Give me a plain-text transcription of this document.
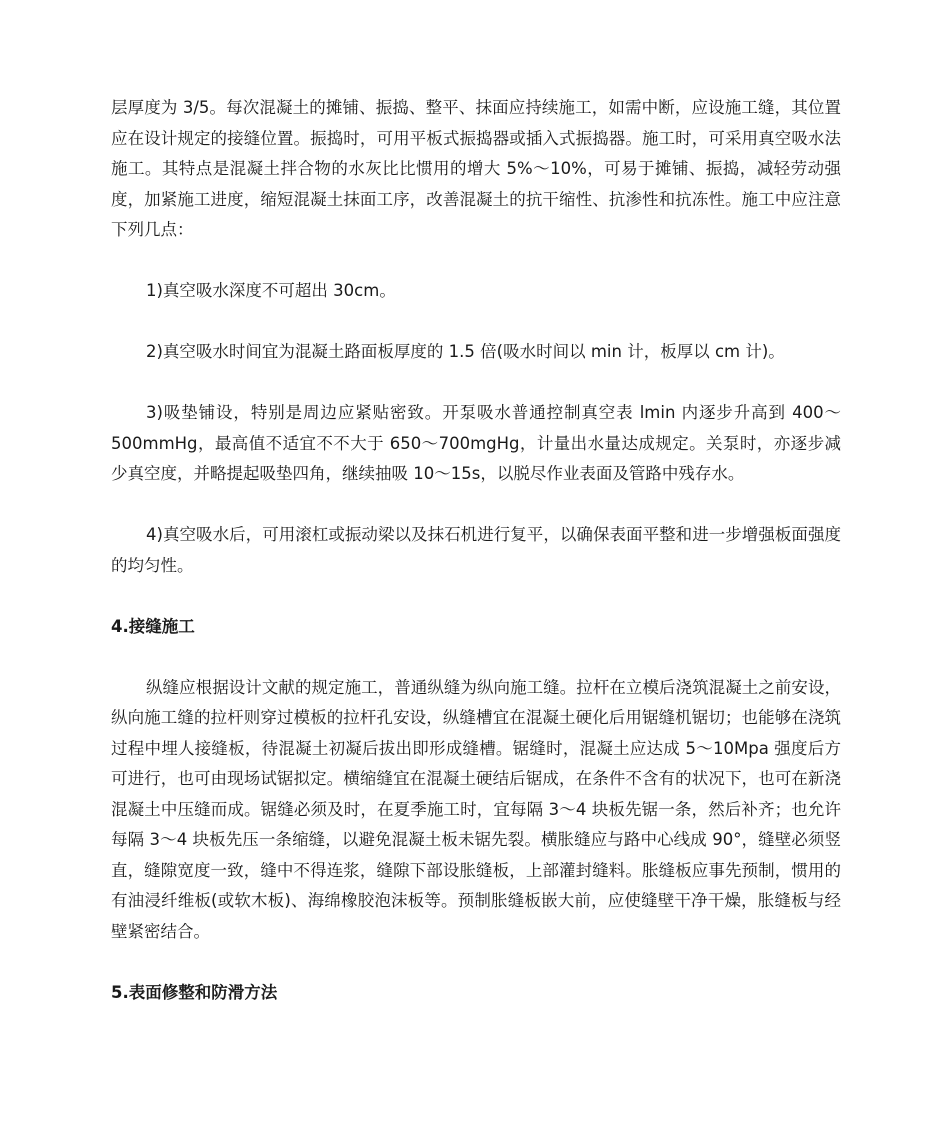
层厚度为 3/5。每次混凝土的摊铺、振捣、整平、抹面应持续施工，如需中断，应设施工缝，其位置应在设计规定的接缝位置。振捣时，可用平板式振捣器或插入式振捣器。施工时，可采用真空吸水法施工。其特点是混凝土拌合物的水灰比比惯用的增大 5%～10%，可易于摊铺、振捣，减轻劳动强度，加紧施工进度，缩短混凝土抹面工序，改善混凝土的抗干缩性、抗渗性和抗冻性。施工中应注意下列几点：

1)真空吸水深度不可超出 30cm。

2)真空吸水时间宜为混凝土路面板厚度的 1.5 倍(吸水时间以 min 计，板厚以 cm 计)。

3)吸垫铺设，特别是周边应紧贴密致。开泵吸水普通控制真空表 lmin 内逐步升高到 400～500mmHg，最高值不适宜不不大于 650～700mgHg，计量出水量达成规定。关泵时，亦逐步减少真空度，并略提起吸垫四角，继续抽吸 10～15s，以脱尽作业表面及管路中残存水。

4)真空吸水后，可用滚杠或振动梁以及抹石机进行复平，以确保表面平整和进一步增强板面强度的均匀性。

4.接缝施工

纵缝应根据设计文献的规定施工，普通纵缝为纵向施工缝。拉杆在立模后浇筑混凝土之前安设，纵向施工缝的拉杆则穿过模板的拉杆孔安设，纵缝槽宜在混凝土硬化后用锯缝机锯切；也能够在浇筑过程中埋人接缝板，待混凝土初凝后拔出即形成缝槽。锯缝时，混凝土应达成 5～10Mpa 强度后方可进行，也可由现场试锯拟定。横缩缝宜在混凝土硬结后锯成，在条件不含有的状况下，也可在新浇混凝土中压缝而成。锯缝必须及时，在夏季施工时，宜每隔 3～4 块板先锯一条，然后补齐；也允许每隔 3～4 块板先压一条缩缝，以避免混凝土板未锯先裂。横胀缝应与路中心线成 90°，缝壁必须竖直，缝隙宽度一致，缝中不得连浆，缝隙下部设胀缝板，上部灌封缝料。胀缝板应事先预制，惯用的有油浸纤维板(或软木板)、海绵橡胶泡沫板等。预制胀缝板嵌大前，应使缝壁干净干燥，胀缝板与经壁紧密结合。

5.表面修整和防滑方法
